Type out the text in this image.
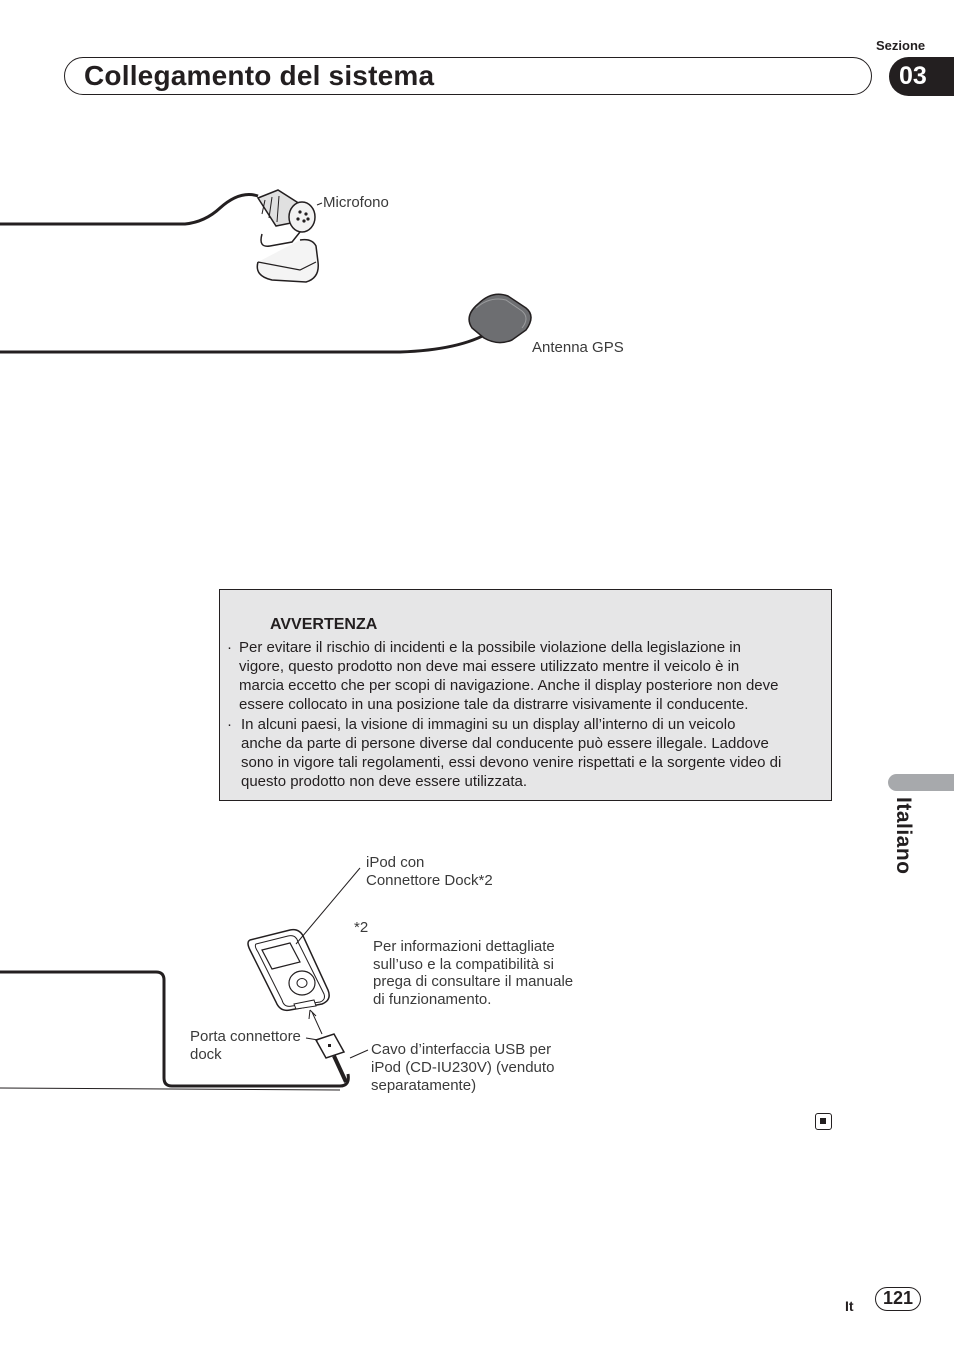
Sezione
Collegamento del sistema	03
Microfono
Antenna GPS
AVVERTENZA
· Per evitare il rischio di incidenti e la possibile violazione della legislazione in
vigore, questo prodotto non deve mai essere utilizzato mentre il veicolo è in
marcia eccetto che per scopi di navigazione. Anche il display posteriore non deve
essere collocato in una posizione tale da distrarre visivamente il conducente.
· In alcuni paesi, la visione di immagini su un display all’interno di un veicolo
anche da parte di persone diverse dal conducente può essere illegale. Laddove
sono in vigore tali regolamenti, essi devono venire rispettati e la sorgente video di
questo prodotto non deve essere utilizzata.
iPod con
Connettore Dock*2
*2
Per informazioni dettagliate
sull’uso e la compatibilità si
prega di consultare il manuale
di funzionamento.
Porta connettore
dock	Cavo d’interfaccia USB per
iPod (CD-IU230V) (venduto
separatamente)
Italiano
It	121
